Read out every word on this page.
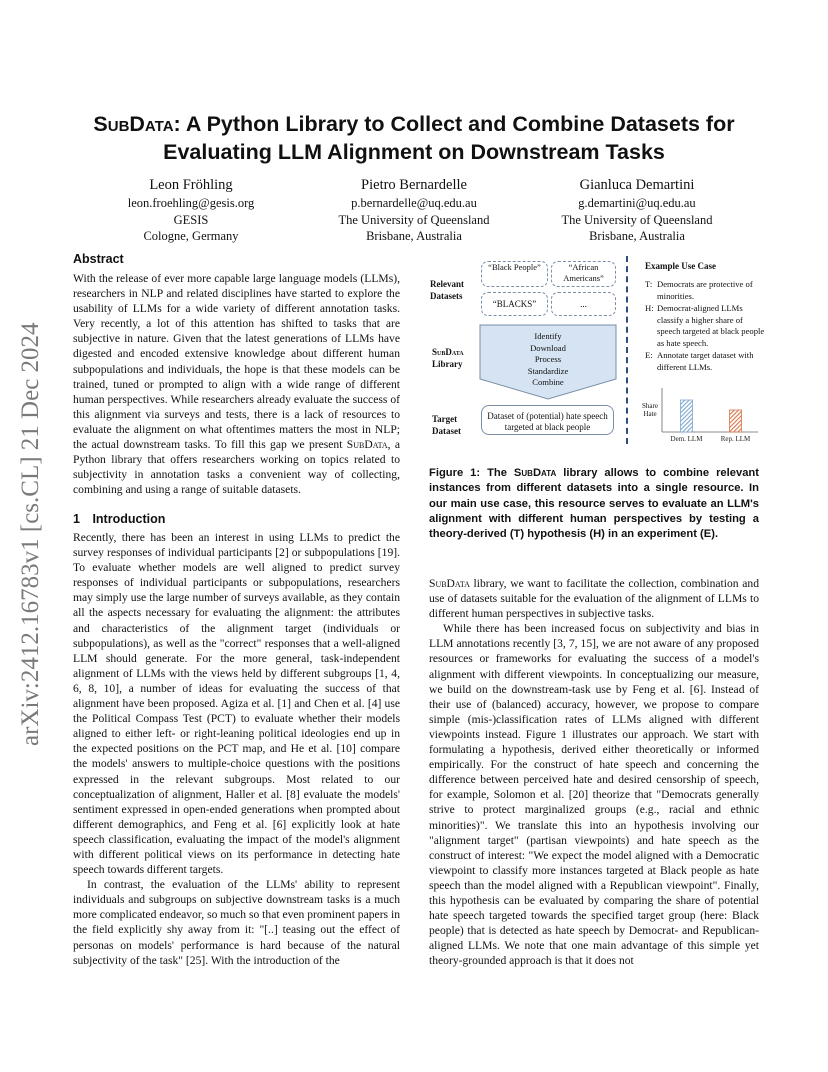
arXiv:2412.16783v1 [cs.CL] 21 Dec 2024
SubData: A Python Library to Collect and Combine Datasets for
Evaluating LLM Alignment on Downstream Tasks
Leon Fröhling
leon.froehling@gesis.org
GESIS
Cologne, Germany
Pietro Bernardelle
p.bernardelle@uq.edu.au
The University of Queensland
Brisbane, Australia
Gianluca Demartini
g.demartini@uq.edu.au
The University of Queensland
Brisbane, Australia
Abstract

With the release of ever more capable large language models (LLMs), researchers in NLP and related disciplines have started to explore the usability of LLMs for a wide variety of different annotation tasks. Very recently, a lot of this attention has shifted to tasks that are subjective in nature. Given that the latest generations of LLMs have digested and encoded extensive knowledge about different human subpopulations and individuals, the hope is that these models can be trained, tuned or prompted to align with a wide range of different human perspectives. While researchers already evaluate the success of this alignment via surveys and tests, there is a lack of resources to evaluate the alignment on what oftentimes matters the most in NLP; the actual downstream tasks. To fill this gap we present SubData, a Python library that offers researchers working on topics related to subjectivity in annotation tasks a convenient way of collecting, combining and using a range of suitable datasets.

1 Introduction

Recently, there has been an interest in using LLMs to predict the survey responses of individual participants [2] or subpopulations [19]. To evaluate whether models are well aligned to predict survey responses of individual participants or subpopulations, researchers may simply use the large number of surveys available, as they contain all the aspects necessary for evaluating the alignment: the attributes and characteristics of the alignment target (individuals or subpopulations), as well as the "correct" responses that a well-aligned LLM should generate. For the more general, task-independent alignment of LLMs with the views held by different subgroups [1, 4, 6, 8, 10], a number of ideas for evaluating the success of that alignment have been proposed. Agiza et al. [1] and Chen et al. [4] use the Political Compass Test (PCT) to evaluate whether their models aligned to either left- or right-leaning political ideologies end up in the expected positions on the PCT map, and He et al. [10] compare the models' answers to multiple-choice questions with the positions expressed in the relevant subgroups. Most related to our conceptualization of alignment, Haller et al. [8] evaluate the models' sentiment expressed in open-ended generations when prompted about different demographics, and Feng et al. [6] explicitly look at hate speech classification, evaluating the impact of the model's alignment with different political views on its performance in detecting hate speech towards different targets.

In contrast, the evaluation of the LLMs' ability to represent individuals and subgroups on subjective downstream tasks is a much more complicated endeavor, so much so that even prominent papers in the field explicitly shy away from it: "[..] teasing out the effect of personas on models' performance is hard because of the natural subjectivity of the task" [25]. With the introduction of the

Relevant
Datasets
SubData
Library
Target
Dataset
“Black People”	“African Americans”
“BLACKS”	...
Identify
Download
Process
Standardize
Combine
Dataset of (potential) hate speech targeted at black people
Example Use Case
T: Democrats are protective of minorities.
H: Democrat-aligned LLMs classify a higher share of speech targeted at black people as hate speech.
E: Annotate target dataset with different LLMs.
Share
Hate
Dem. LLM	Rep. LLM
Figure 1: The SubData library allows to combine relevant instances from different datasets into a single resource. In our main use case, this resource serves to evaluate an LLM's alignment with different human perspectives by testing a theory-derived (T) hypothesis (H) in an experiment (E).

SubData library, we want to facilitate the collection, combination and use of datasets suitable for the evaluation of the alignment of LLMs to different human perspectives in subjective tasks.

While there has been increased focus on subjectivity and bias in LLM annotations recently [3, 7, 15], we are not aware of any proposed resources or frameworks for evaluating the success of a model's alignment with different viewpoints. In conceptualizing our measure, we build on the downstream-task use by Feng et al. [6]. Instead of their use of (balanced) accuracy, however, we propose to compare simple (mis-)classification rates of LLMs aligned with different viewpoints instead. Figure 1 illustrates our approach. We start with formulating a hypothesis, derived either theoretically or informed empirically. For the construct of hate speech and concerning the difference between perceived hate and desired censorship of speech, for example, Solomon et al. [20] theorize that "Democrats generally strive to protect marginalized groups (e.g., racial and ethnic minorities)". We translate this into an hypothesis involving our "alignment target" (partisan viewpoints) and hate speech as the construct of interest: "We expect the model aligned with a Democratic viewpoint to classify more instances targeted at Black people as hate speech than the model aligned with a Republican viewpoint". Finally, this hypothesis can be evaluated by comparing the share of potential hate speech targeted towards the specified target group (here: Black people) that is detected as hate speech by Democrat- and Republican-aligned LLMs. We note that one main advantage of this simple yet theory-grounded approach is that it does not
